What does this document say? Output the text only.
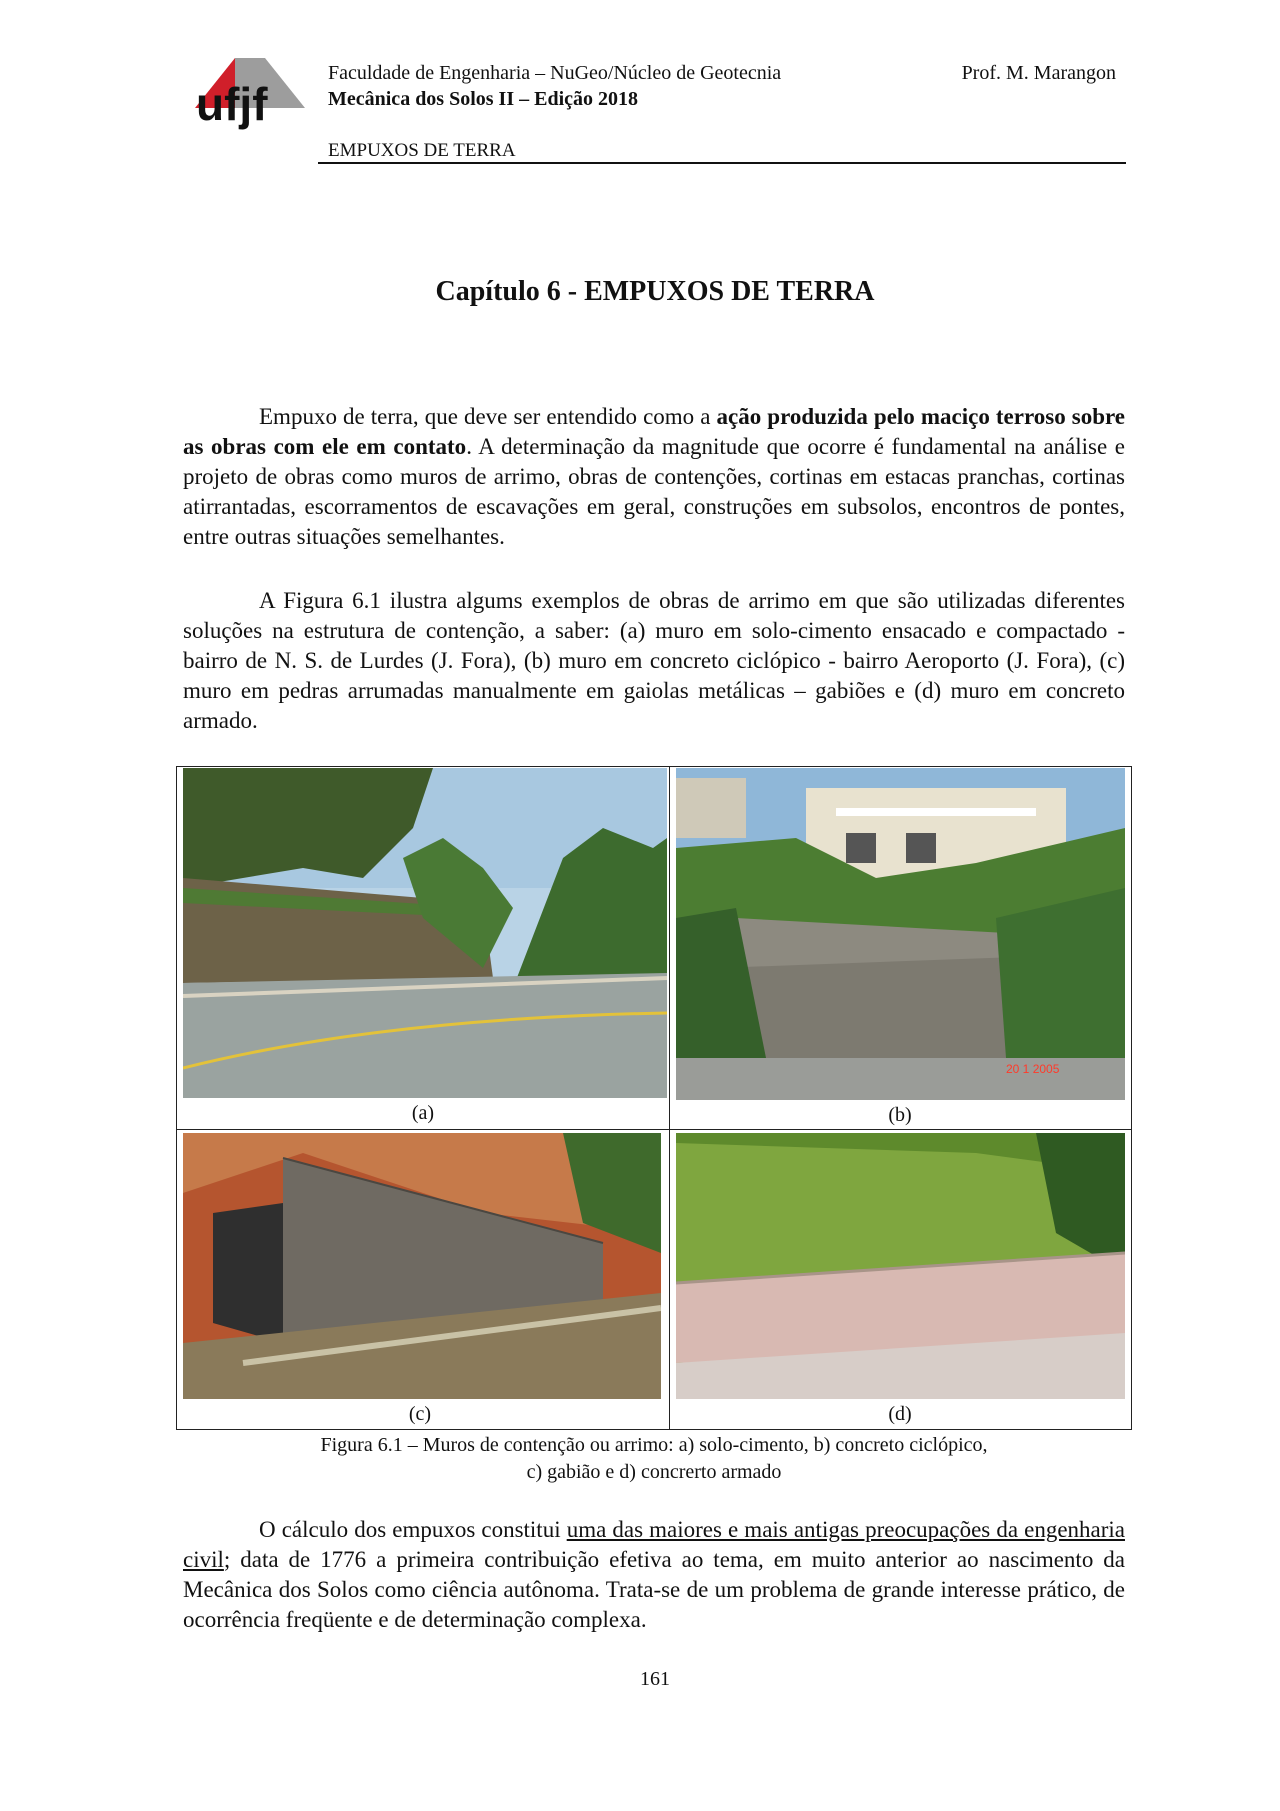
ufjf
Faculdade de Engenharia – NuGeo/Núcleo de Geotecnia
Mecânica dos Solos II – Edição 2018
Prof. M. Marangon
EMPUXOS DE TERRA
Capítulo 6 - EMPUXOS DE TERRA
Empuxo de terra, que deve ser entendido como a ação produzida pelo maciço terroso sobre as obras com ele em contato. A determinação da magnitude que ocorre é fundamental na análise e projeto de obras como muros de arrimo, obras de contenções, cortinas em estacas pranchas, cortinas atirrantadas, escorramentos de escavações em geral, construções em subsolos, encontros de pontes, entre outras situações semelhantes.
A Figura 6.1 ilustra algums exemplos de obras de arrimo em que são utilizadas diferentes soluções na estrutura de contenção, a saber: (a) muro em solo-cimento ensacado e compactado - bairro de N. S. de Lurdes (J. Fora), (b) muro em concreto ciclópico - bairro Aeroporto (J. Fora), (c) muro em pedras arrumadas manualmente em gaiolas metálicas – gabiões e (d) muro em concreto armado.
20 1 2005
(a)	(b)
(c)	(d)
Figura 6.1 – Muros de contenção ou arrimo: a) solo-cimento, b) concreto ciclópico,
c) gabião e d) concrerto armado
O cálculo dos empuxos constitui uma das maiores e mais antigas preocupações da engenharia civil; data de 1776 a primeira contribuição efetiva ao tema, em muito anterior ao nascimento da Mecânica dos Solos como ciência autônoma. Trata-se de um problema de grande interesse prático, de ocorrência freqüente e de determinação complexa.
161
